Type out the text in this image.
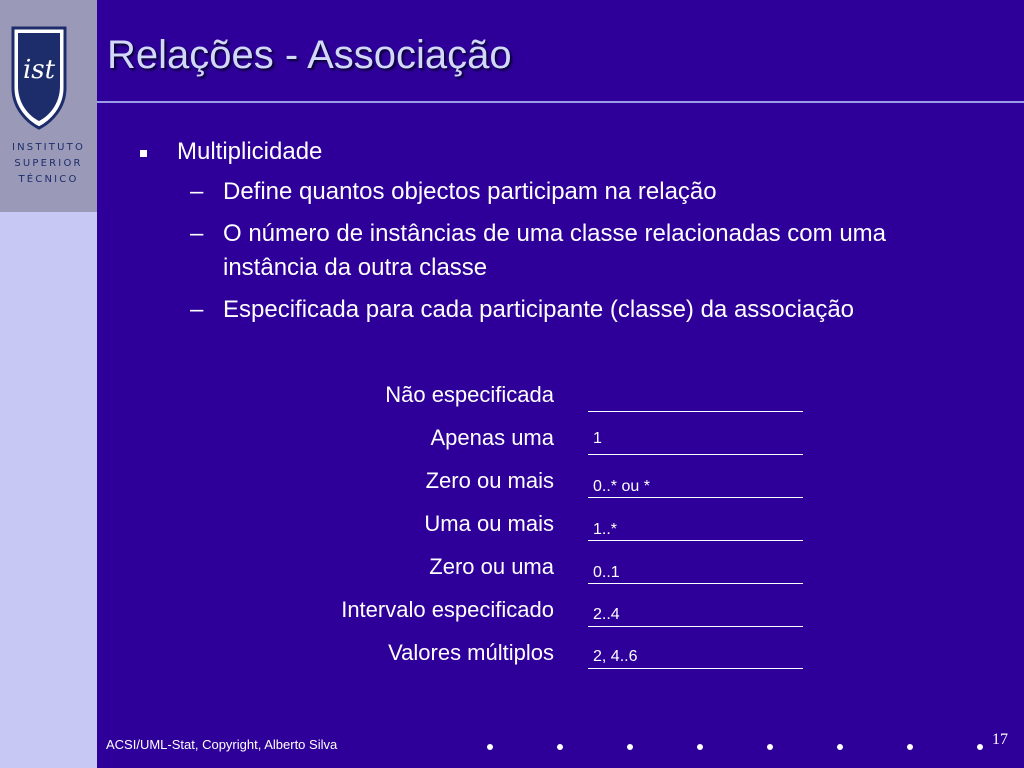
ist
INSTITUTO
SUPERIOR
TÉCNICO
Relações - Associação
Multiplicidade
– Define quantos objectos participam na relação
– O número de instâncias de uma classe relacionadas com uma instância da outra classe
– Especificada para cada participante (classe) da associação
Não especificada
Apenas uma 1
Zero ou mais 0..* ou *
Uma ou mais 1..*
Zero ou uma 0..1
Intervalo especificado 2..4
Valores múltiplos 2, 4..6
ACSI/UML-Stat, Copyright, Alberto Silva	17
